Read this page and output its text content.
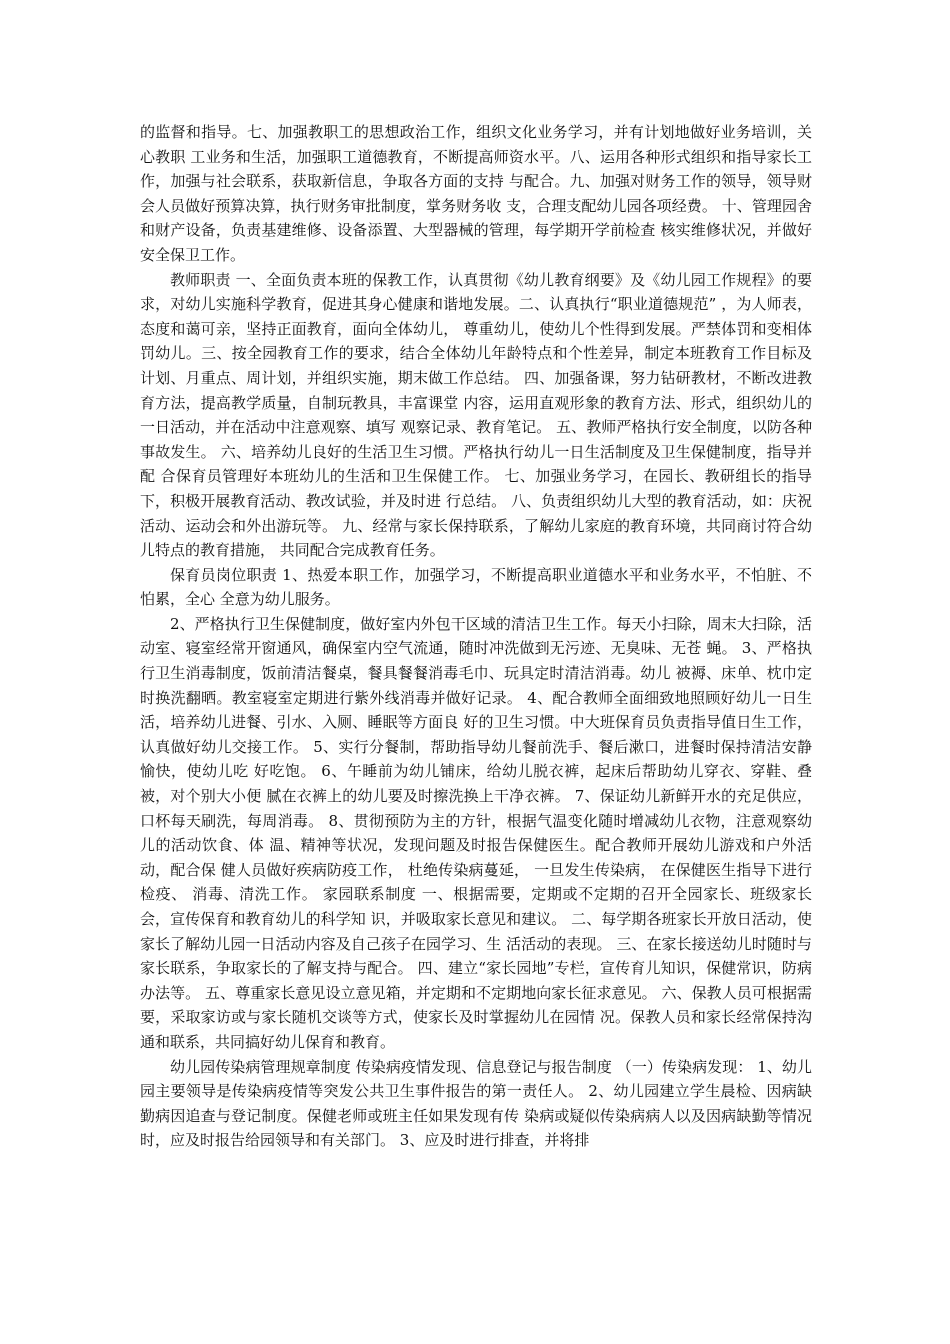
的监督和指导。七、加强教职工的思想政治工作，组织文化业务学习，并有计划地做好业务培训，关心教职 工业务和生活，加强职工道德教育，不断提高师资水平。八、运用各种形式组织和指导家长工作，加强与社会联系，获取新信息，争取各方面的支持 与配合。九、加强对财务工作的领导，领导财会人员做好预算决算，执行财务审批制度，掌务财务收 支，合理支配幼儿园各项经费。 十、管理园舍和财产设备，负责基建维修、设备添置、大型器械的管理，每学期开学前检查 核实维修状况，并做好安全保卫工作。

教师职责 一、全面负责本班的保教工作，认真贯彻《幼儿教育纲要》及《幼儿园工作规程》的要求，对幼儿实施科学教育，促进其身心健康和谐地发展。二、认真执行“职业道德规范” ，为人师表，态度和蔼可亲，坚持正面教育，面向全体幼儿， 尊重幼儿，使幼儿个性得到发展。严禁体罚和变相体罚幼儿。三、按全园教育工作的要求，结合全体幼儿年龄特点和个性差异，制定本班教育工作目标及 计划、月重点、周计划，并组织实施，期末做工作总结。 四、加强备课，努力钻研教材，不断改进教育方法，提高教学质量，自制玩教具，丰富课堂 内容，运用直观形象的教育方法、形式，组织幼儿的一日活动，并在活动中注意观察、填写 观察记录、教育笔记。 五、教师严格执行安全制度，以防各种事故发生。 六、培养幼儿良好的生活卫生习惯。严格执行幼儿一日生活制度及卫生保健制度，指导并配 合保育员管理好本班幼儿的生活和卫生保健工作。 七、加强业务学习，在园长、教研组长的指导下，积极开展教育活动、教改试验，并及时进 行总结。 八、负责组织幼儿大型的教育活动，如：庆祝活动、运动会和外出游玩等。 九、经常与家长保持联系，了解幼儿家庭的教育环境，共同商讨符合幼儿特点的教育措施， 共同配合完成教育任务。

保育员岗位职责 1、热爱本职工作，加强学习，不断提高职业道德水平和业务水平，不怕脏、不怕累，全心 全意为幼儿服务。

2、严格执行卫生保健制度，做好室内外包干区域的清洁卫生工作。每天小扫除，周末大扫除，活动室、寝室经常开窗通风，确保室内空气流通，随时冲洗做到无污迹、无臭味、无苍 蝇。 3、严格执行卫生消毒制度，饭前清洁餐桌，餐具餐餐消毒毛巾、玩具定时清洁消毒。幼儿 被褥、床单、枕巾定时换洗翻晒。教室寝室定期进行紫外线消毒并做好记录。 4、配合教师全面细致地照顾好幼儿一日生活，培养幼儿进餐、引水、入厕、睡眠等方面良 好的卫生习惯。中大班保育员负责指导值日生工作，认真做好幼儿交接工作。 5、实行分餐制，帮助指导幼儿餐前洗手、餐后漱口，进餐时保持清洁安静愉快，使幼儿吃 好吃饱。 6、午睡前为幼儿铺床，给幼儿脱衣裤，起床后帮助幼儿穿衣、穿鞋、叠被，对个别大小便 腻在衣裤上的幼儿要及时擦洗换上干净衣裤。 7、保证幼儿新鲜开水的充足供应，口杯每天刷洗，每周消毒。 8、贯彻预防为主的方针，根据气温变化随时增减幼儿衣物，注意观察幼儿的活动饮食、体 温、精神等状况，发现问题及时报告保健医生。配合教师开展幼儿游戏和户外活动，配合保 健人员做好疾病防疫工作， 杜绝传染病蔓延， 一旦发生传染病， 在保健医生指导下进行检疫、 消毒、清洗工作。 家园联系制度 一、根据需要，定期或不定期的召开全园家长、班级家长会，宣传保育和教育幼儿的科学知 识，并吸取家长意见和建议。 二、每学期各班家长开放日活动，使家长了解幼儿园一日活动内容及自己孩子在园学习、生 活活动的表现。 三、在家长接送幼儿时随时与家长联系，争取家长的了解支持与配合。 四、建立“家长园地”专栏，宣传育儿知识，保健常识，防病办法等。 五、尊重家长意见设立意见箱，并定期和不定期地向家长征求意见。 六、保教人员可根据需要，采取家访或与家长随机交谈等方式，使家长及时掌握幼儿在园情 况。保教人员和家长经常保持沟通和联系，共同搞好幼儿保育和教育。

幼儿园传染病管理规章制度 传染病疫情发现、信息登记与报告制度 （一）传染病发现： 1、幼儿园主要领导是传染病疫情等突发公共卫生事件报告的第一责任人。 2、幼儿园建立学生晨检、因病缺勤病因追查与登记制度。保健老师或班主任如果发现有传 染病或疑似传染病病人以及因病缺勤等情况时，应及时报告给园领导和有关部门。 3、应及时进行排查，并将排
